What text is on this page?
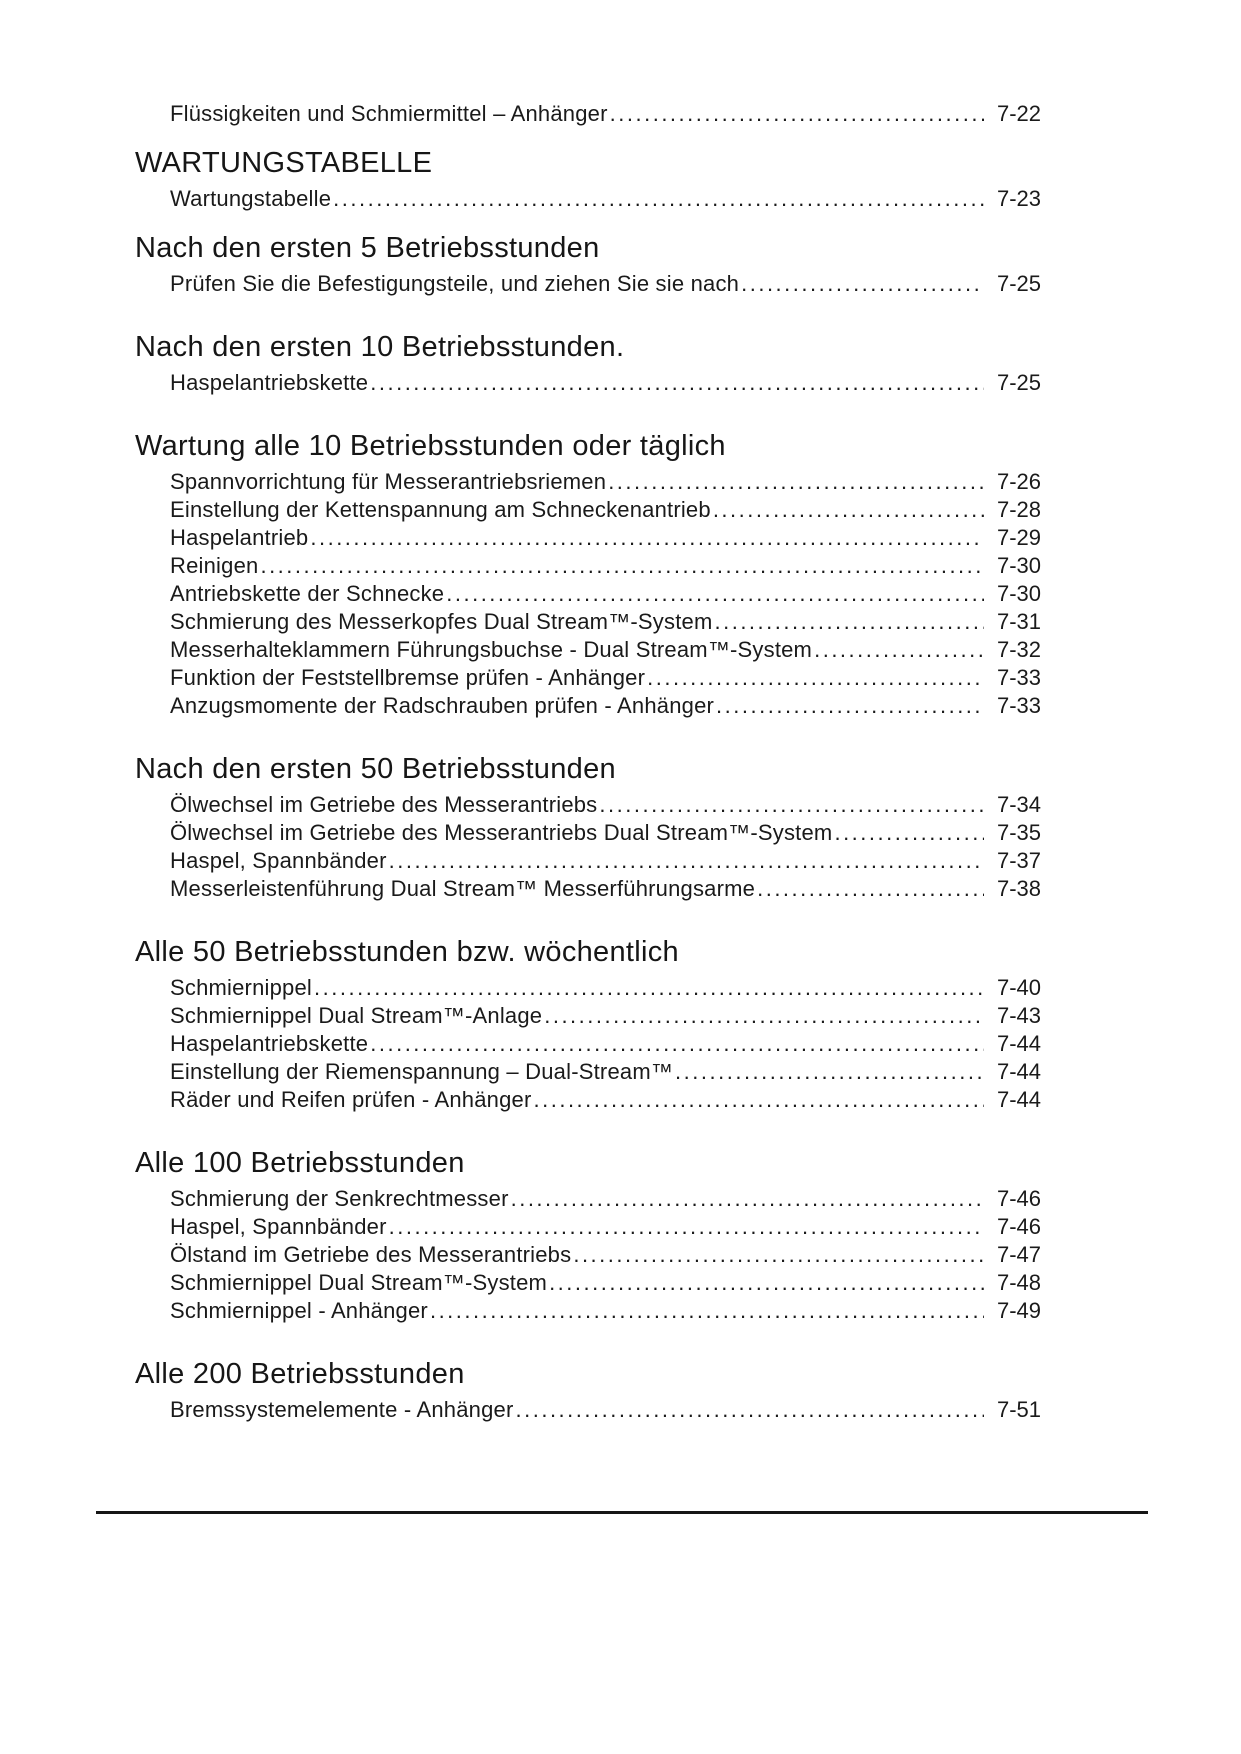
Flüssigkeiten und Schmiermittel – Anhänger .....	7-22
WARTUNGSTABELLE
Wartungstabelle .....	7-23
Nach den ersten 5 Betriebsstunden
Prüfen Sie die Befestigungsteile, und ziehen Sie sie nach .....	7-25
Nach den ersten 10 Betriebsstunden.
Haspelantriebskette .....	7-25
Wartung alle 10 Betriebsstunden oder täglich
Spannvorrichtung für Messerantriebsriemen .....	7-26
Einstellung der Kettenspannung am Schneckenantrieb .....	7-28
Haspelantrieb .....	7-29
Reinigen .....	7-30
Antriebskette der Schnecke .....	7-30
Schmierung des Messerkopfes Dual Stream™-System .....	7-31
Messerhalteklammern Führungsbuchse - Dual Stream™-System .....	7-32
Funktion der Feststellbremse prüfen - Anhänger .....	7-33
Anzugsmomente der Radschrauben prüfen - Anhänger .....	7-33
Nach den ersten 50 Betriebsstunden
Ölwechsel im Getriebe des Messerantriebs .....	7-34
Ölwechsel im Getriebe des Messerantriebs Dual Stream™-System .....	7-35
Haspel, Spannbänder .....	7-37
Messerleistenführung Dual Stream™ Messerführungsarme .....	7-38
Alle 50 Betriebsstunden bzw. wöchentlich
Schmiernippel .....	7-40
Schmiernippel Dual Stream™-Anlage .....	7-43
Haspelantriebskette .....	7-44
Einstellung der Riemenspannung – Dual-Stream™ .....	7-44
Räder und Reifen prüfen - Anhänger .....	7-44
Alle 100 Betriebsstunden
Schmierung der Senkrechtmesser .....	7-46
Haspel, Spannbänder .....	7-46
Ölstand im Getriebe des Messerantriebs .....	7-47
Schmiernippel Dual Stream™-System .....	7-48
Schmiernippel - Anhänger .....	7-49
Alle 200 Betriebsstunden
Bremssystemelemente - Anhänger .....	7-51
